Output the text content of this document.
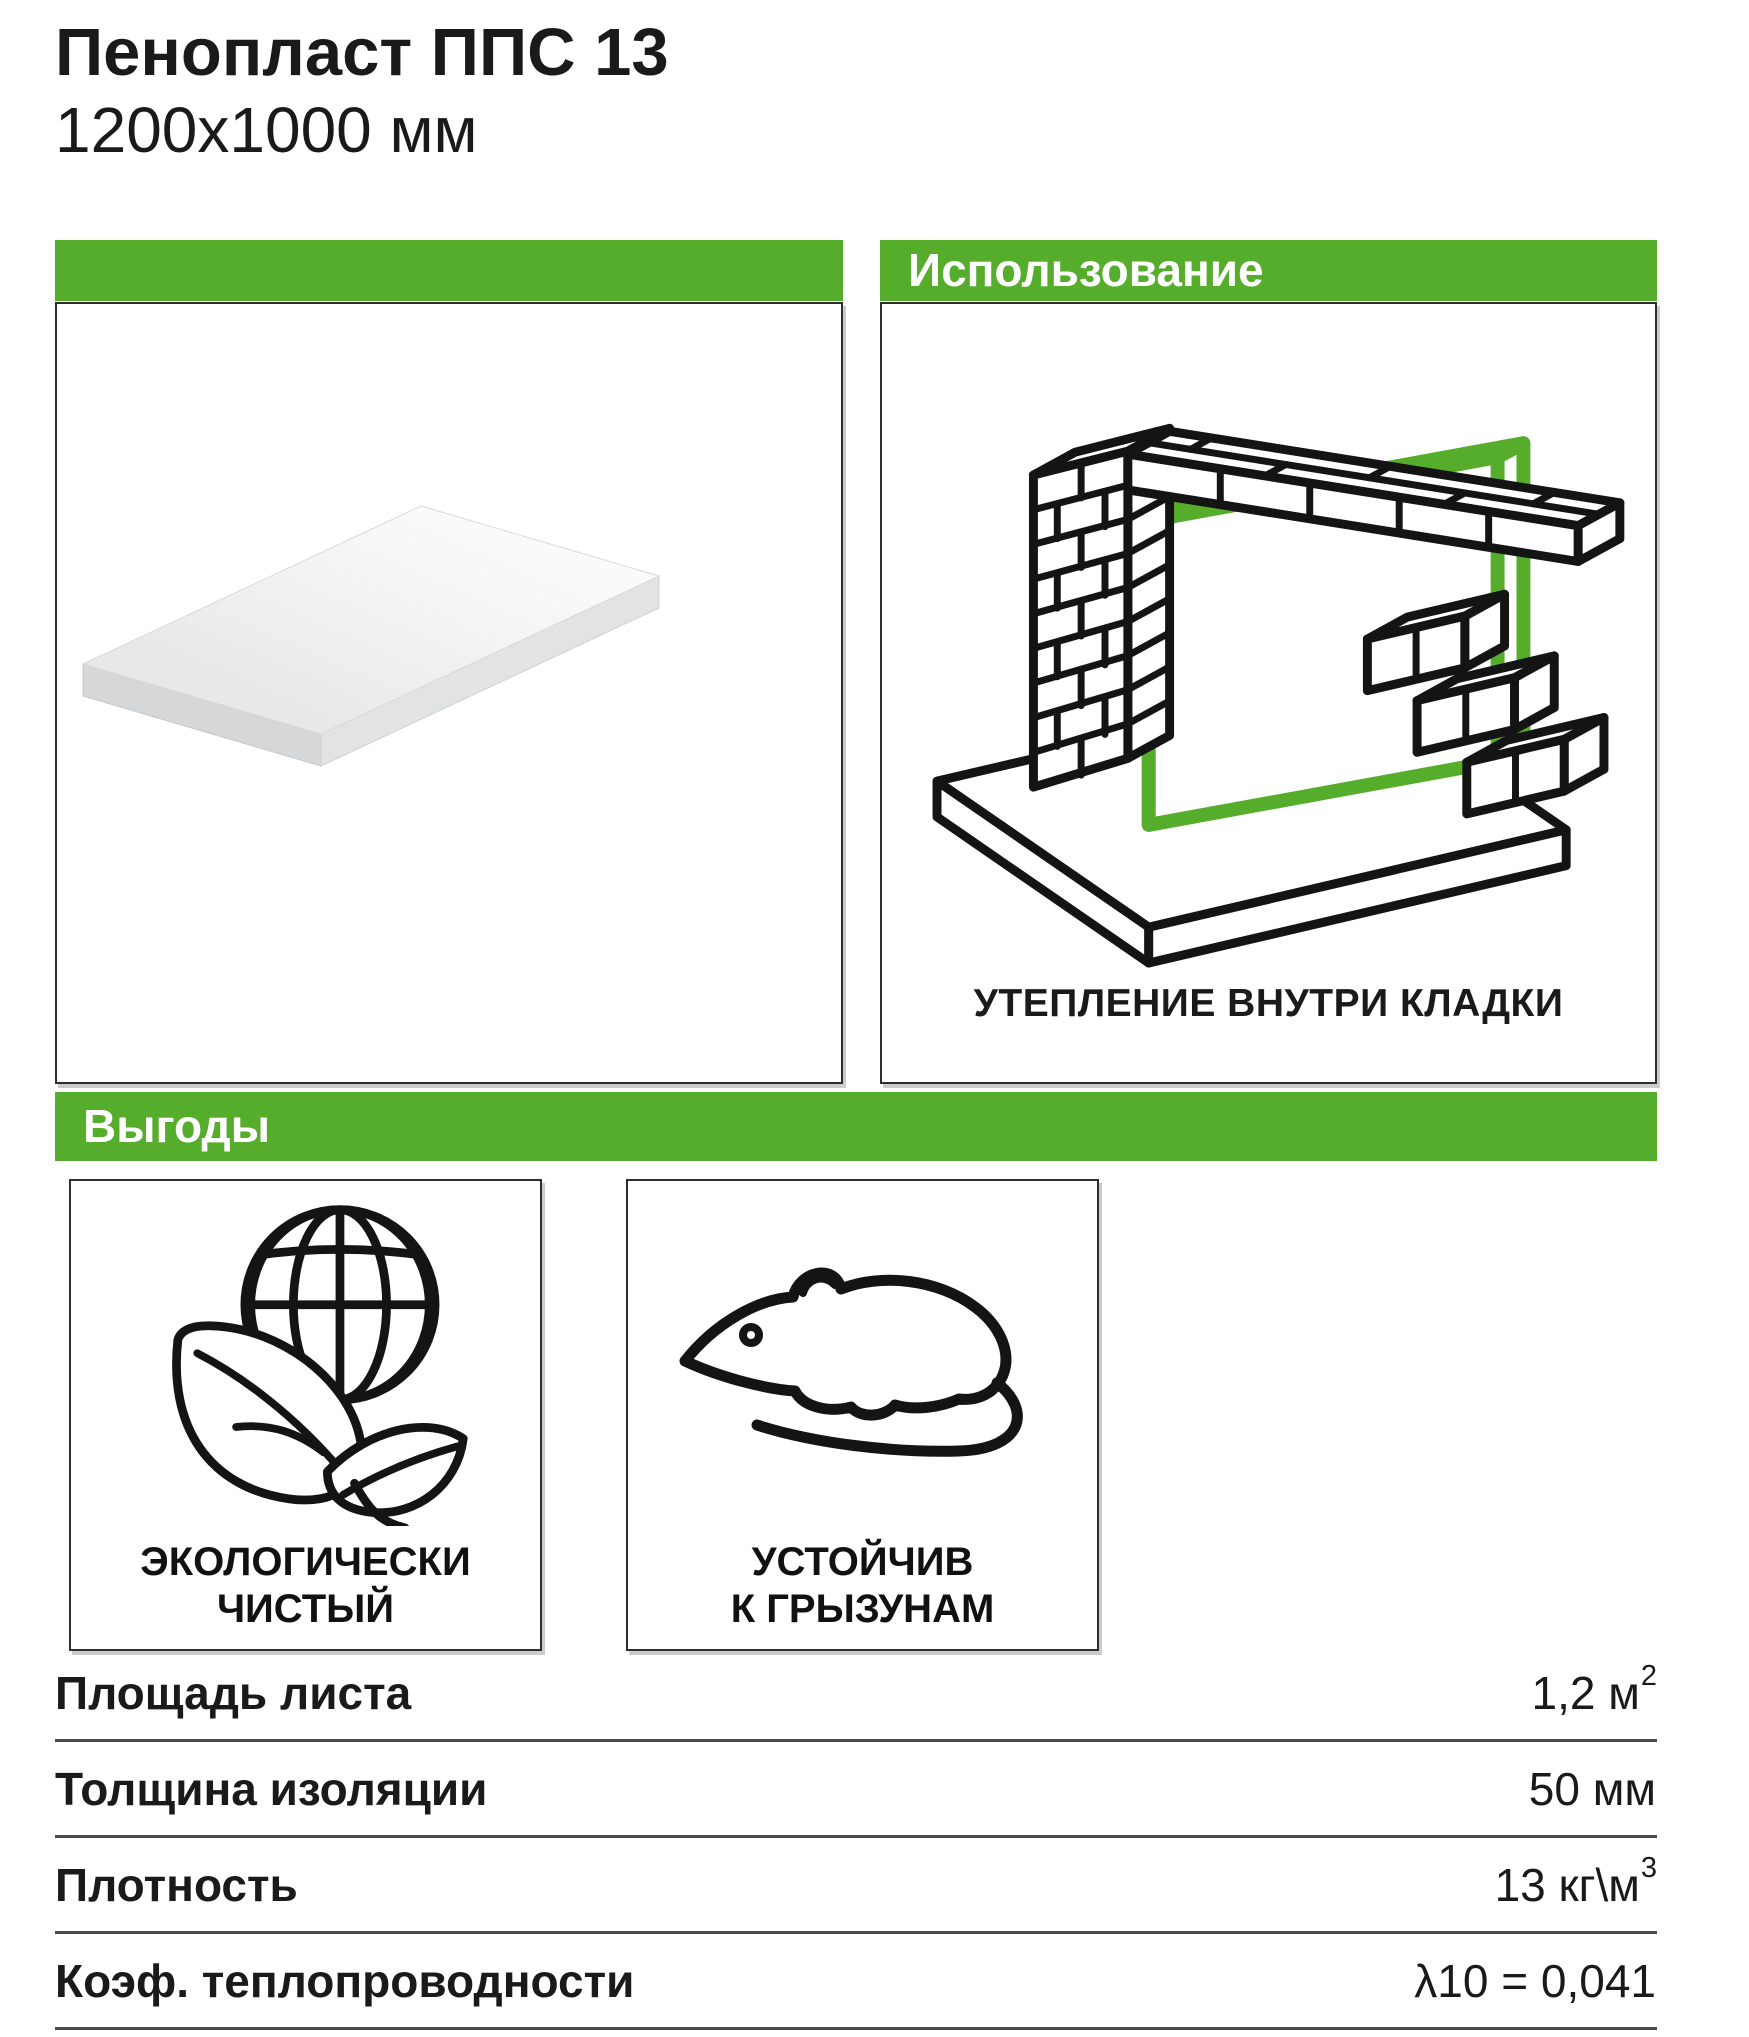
Пенопласт ППС 13
1200x1000 мм
Использование
УТЕПЛЕНИЕ ВНУТРИ КЛАДКИ
Выгоды
ЭКОЛОГИЧЕСКИ
ЧИСТЫЙ
УСТОЙЧИВ
К ГРЫЗУНАМ
Площадь листа	1,2 $м^2$
Толщина изоляции	50 мм
Плотность	13 $кг\backslash м^3$
Коэф. теплопроводности	λ10 = 0,041
